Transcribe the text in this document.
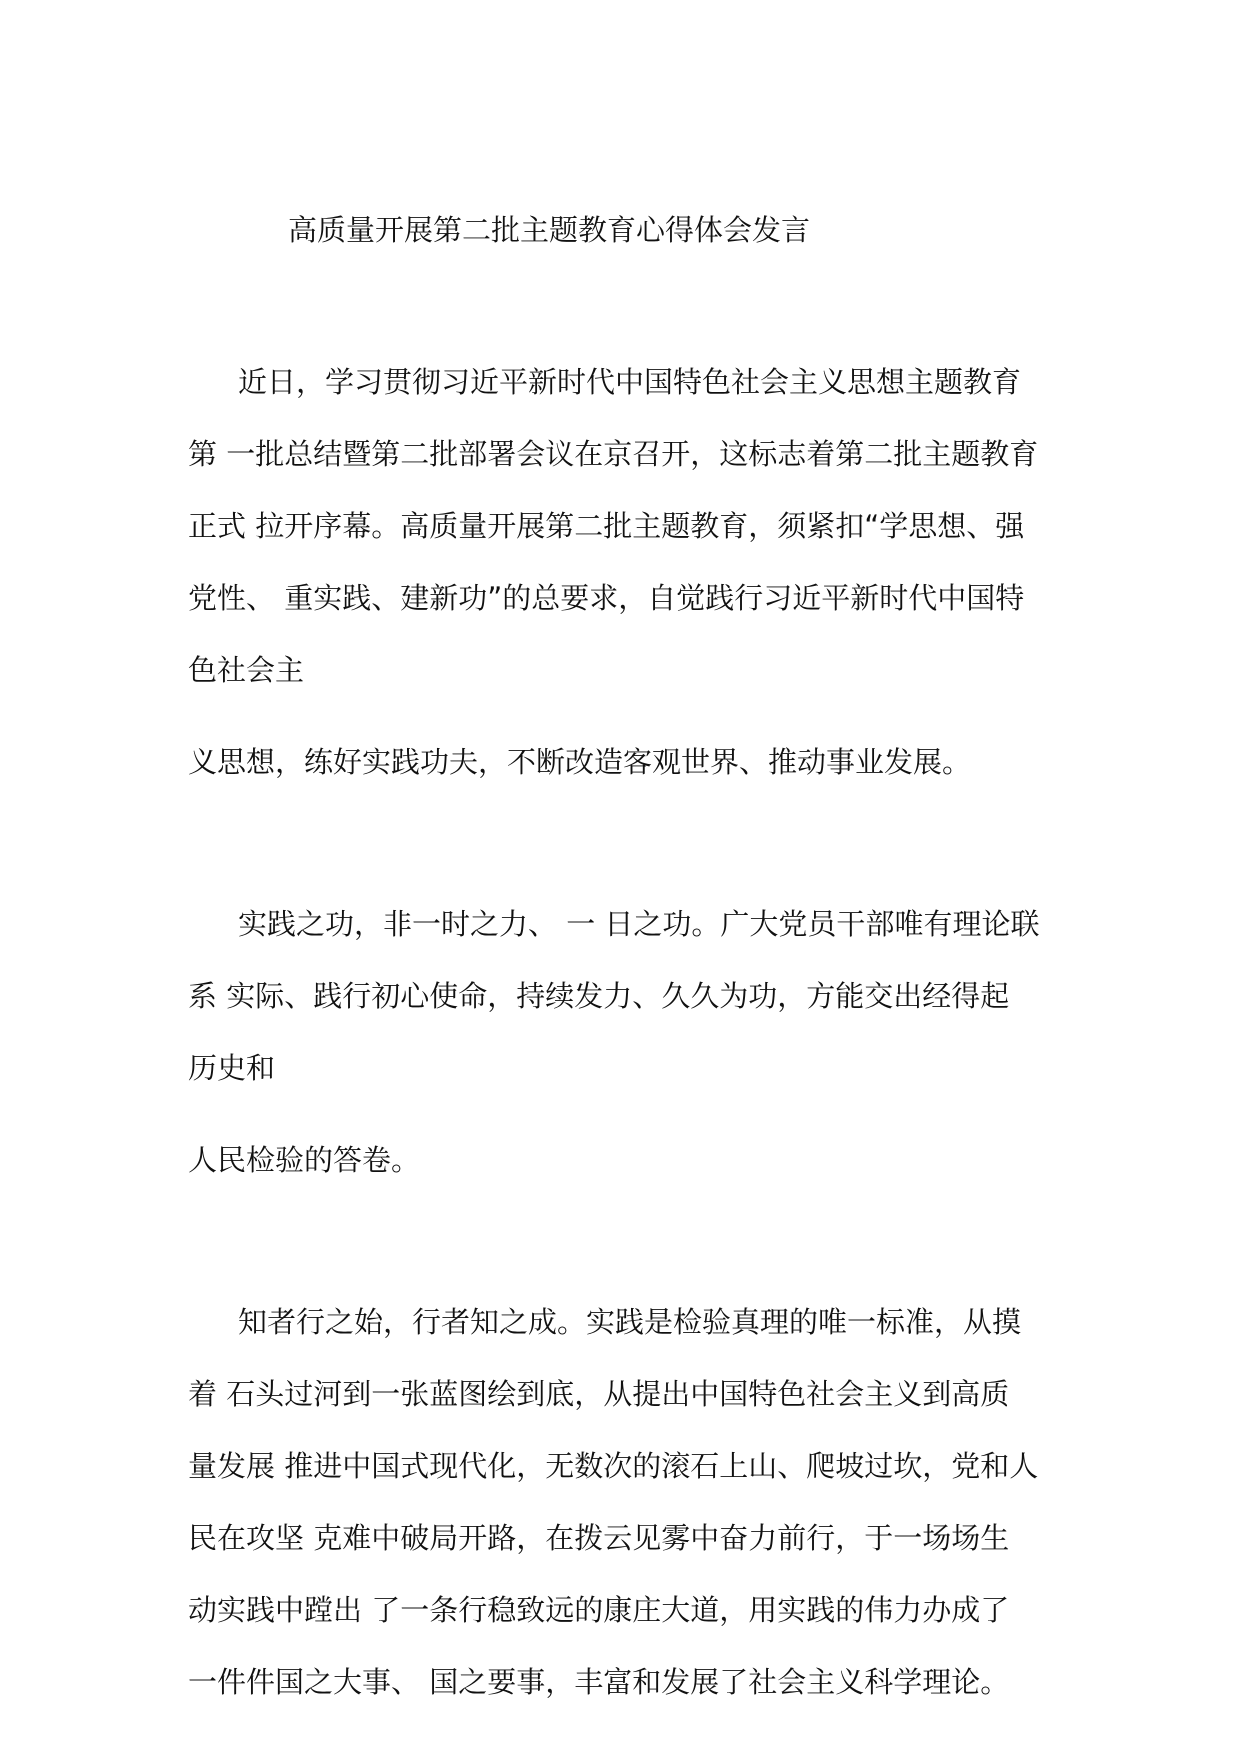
高质量开展第二批主题教育心得体会发言
近日，学习贯彻习近平新时代中国特色社会主义思想主题教育
第 一批总结暨第二批部署会议在京召开，这标志着第二批主题教育
正式 拉开序幕。高质量开展第二批主题教育，须紧扣“学思想、强
党性、 重实践、建新功”的总要求，自觉践行习近平新时代中国特
色社会主
义思想，练好实践功夫，不断改造客观世界、推动事业发展。
实践之功，非一时之力、 一 日之功。广大党员干部唯有理论联
系 实际、践行初心使命，持续发力、久久为功，方能交出经得起
历史和
人民检验的答卷。
知者行之始，行者知之成。实践是检验真理的唯一标准，从摸
着 石头过河到一张蓝图绘到底，从提出中国特色社会主义到高质
量发展 推进中国式现代化，无数次的滚石上山、爬坡过坎，党和人
民在攻坚 克难中破局开路，在拨云见雾中奋力前行，于一场场生
动实践中蹚出 了一条行稳致远的康庄大道，用实践的伟力办成了
一件件国之大事、 国之要事，丰富和发展了社会主义科学理论。
